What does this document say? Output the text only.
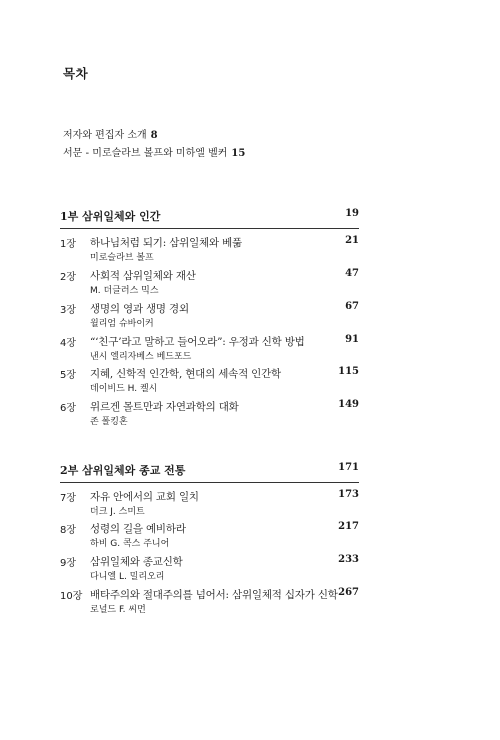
목차
저자와 편집자 소개 8
서문 - 미로슬라브 볼프와 미하엘 벨커 15
1부 삼위일체와 인간	19
1장 하나님처럼 되기: 삼위일체와 베풂
미로슬라브 볼프
21
2장 사회적 삼위일체와 재산
M. 더글러스 믹스
47
3장 생명의 영과 생명 경외
윌리엄 슈바이커
67
4장 “‘친구’라고 말하고 들어오라”: 우정과 신학 방법
낸시 엘리자베스 베드포드
91
5장 지혜, 신학적 인간학, 현대의 세속적 인간학
데이비드 H. 켈시
115
6장 위르겐 몰트만과 자연과학의 대화
존 폴킹혼
149
2부 삼위일체와 종교 전통	171
7장 자유 안에서의 교회 일치
더크 J. 스미트
173
8장 성령의 길을 예비하라
하비 G. 콕스 주니어
217
9장 삼위일체와 종교신학
다니엘 L. 밀리오리
233
10장 배타주의와 절대주의를 넘어서: 삼위일체적 십자가 신학
로널드 F. 씨먼
267
